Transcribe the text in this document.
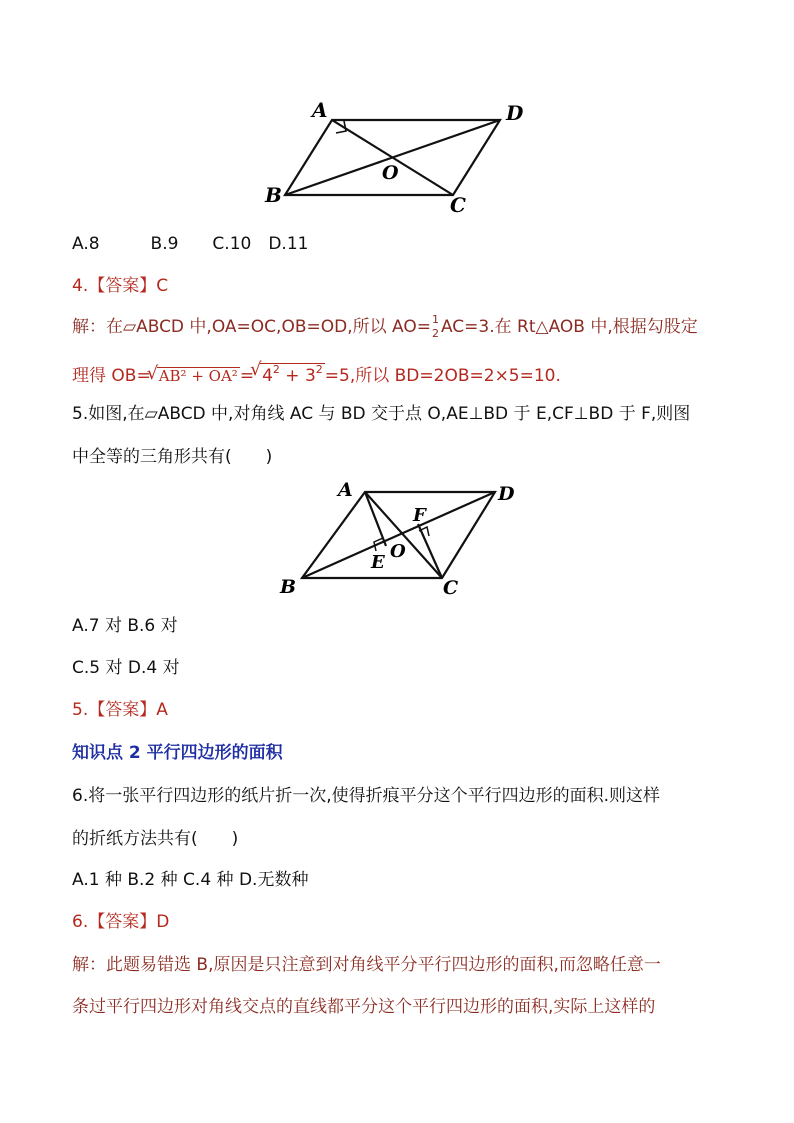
A	D
B	C
O
A.8　　　B.9　　C.10　D.11
4.【答案】C
解：在▱ABCD 中,OA=OC,OB=OD,所以 AO= 1
2 AC=3.在 Rt△AOB 中,根据勾股定
理得 OB= √ AB² + OA² = √ $4^2 + 3^2 =5$,所以 BD=2OB=2×5=10.
5.如图,在▱ABCD 中,对角线 AC 与 BD 交于点 O,AE⊥BD 于 E,CF⊥BD 于 F,则图
中全等的三角形共有(　　)
A	D
B	C
E
F
O
A.7 对 B.6 对
C.5 对 D.4 对
5.【答案】A
知识点 2 平行四边形的面积
6.将一张平行四边形的纸片折一次,使得折痕平分这个平行四边形的面积.则这样
的折纸方法共有(　　)
A.1 种 B.2 种 C.4 种 D.无数种
6.【答案】D
解：此题易错选 B,原因是只注意到对角线平分平行四边形的面积,而忽略任意一
条过平行四边形对角线交点的直线都平分这个平行四边形的面积,实际上这样的
